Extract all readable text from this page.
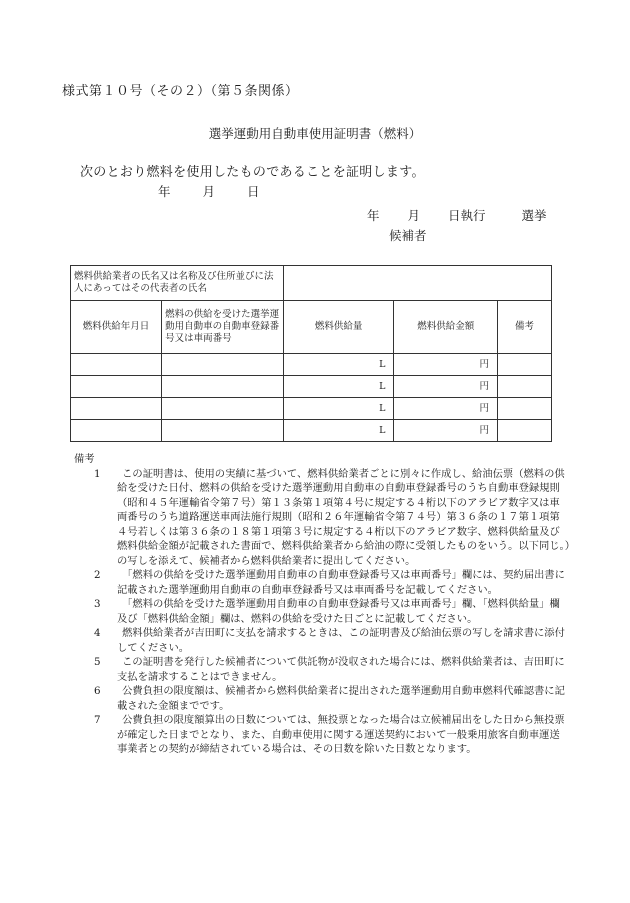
様式第１０号（その２）（第５条関係）
選挙運動用自動車使用証明書（燃料）
次のとおり燃料を使用したものであることを証明します。
年	月	日
年 月 日執行	選挙
候補者
燃料供給業者の氏名又は名称及び住所並びに法人にあってはその代表者の氏名				
燃料供給年月日	燃料の供給を受けた選挙運動用自動車の自動車登録番号又は車両番号	燃料供給量	燃料供給金額	備考
		L	円	
		L	円	
		L	円	
		L	円	
備考
1	この証明書は、使用の実績に基づいて、燃料供給業者ごとに別々に作成し、給油伝票（燃料の供給を受けた日付、燃料の供給を受けた選挙運動用自動車の自動車登録番号のうち自動車登録規則（昭和４５年運輸省令第７号）第１３条第１項第４号に規定する４桁以下のアラビア数字又は車両番号のうち道路運送車両法施行規則（昭和２６年運輸省令第７４号）第３６条の１７第１項第４号若しくは第３６条の１８第１項第３号に規定する４桁以下のアラビア数字、燃料供給量及び燃料供給金額が記載された書面で、燃料供給業者から給油の際に受領したものをいう。以下同じ。）の写しを添えて、候補者から燃料供給業者に提出してください。
2	「燃料の供給を受けた選挙運動用自動車の自動車登録番号又は車両番号」欄には、契約届出書に記載された選挙運動用自動車の自動車登録番号又は車両番号を記載してください。
3	「燃料の供給を受けた選挙運動用自動車の自動車登録番号又は車両番号」欄、「燃料供給量」欄及び「燃料供給金額」欄は、燃料の供給を受けた日ごとに記載してください。
4	燃料供給業者が吉田町に支払を請求するときは、この証明書及び給油伝票の写しを請求書に添付してください。
5	この証明書を発行した候補者について供託物が没収された場合には、燃料供給業者は、吉田町に支払を請求することはできません。
6	公費負担の限度額は、候補者から燃料供給業者に提出された選挙運動用自動車燃料代確認書に記載された金額までです。
7	公費負担の限度額算出の日数については、無投票となった場合は立候補届出をした日から無投票が確定した日までとなり、また、自動車使用に関する運送契約において一般乗用旅客自動車運送事業者との契約が締結されている場合は、その日数を除いた日数となります。
